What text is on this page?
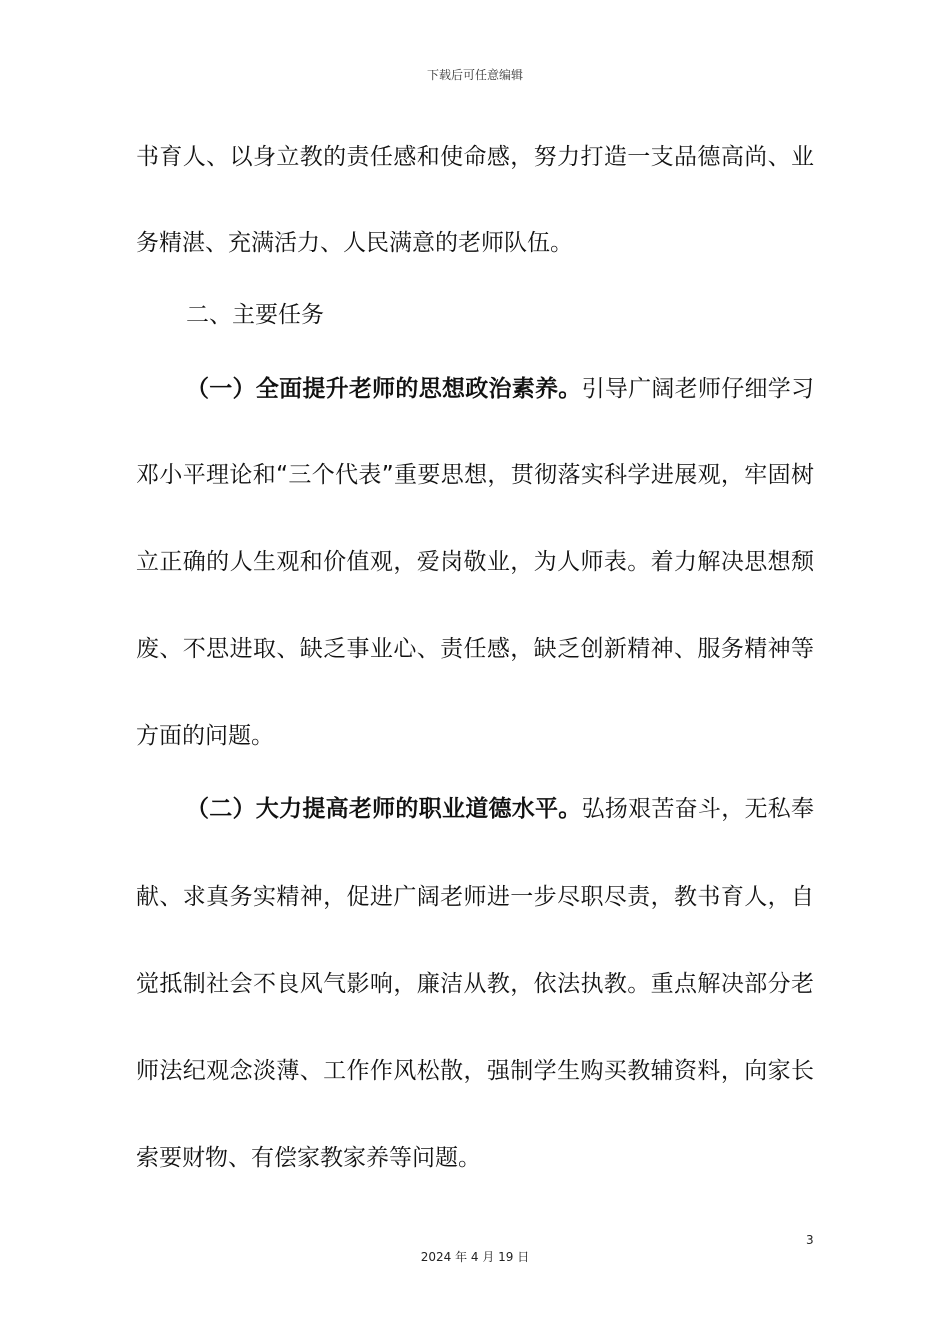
下载后可任意编辑
书育人、以身立教的责任感和使命感，努力打造一支品德高尚、业
务精湛、充满活力、人民满意的老师队伍。
二、主要任务
（一）全面提升老师的思想政治素养。引导广阔老师仔细学习
邓小平理论和“三个代表”重要思想，贯彻落实科学进展观，牢固树
立正确的人生观和价值观，爱岗敬业，为人师表。着力解决思想颓
废、不思进取、缺乏事业心、责任感，缺乏创新精神、服务精神等
方面的问题。
（二）大力提高老师的职业道德水平。弘扬艰苦奋斗，无私奉
献、求真务实精神，促进广阔老师进一步尽职尽责，教书育人，自
觉抵制社会不良风气影响，廉洁从教，依法执教。重点解决部分老
师法纪观念淡薄、工作作风松散，强制学生购买教辅资料，向家长
索要财物、有偿家教家养等问题。
3
2024 年 4 月 19 日
